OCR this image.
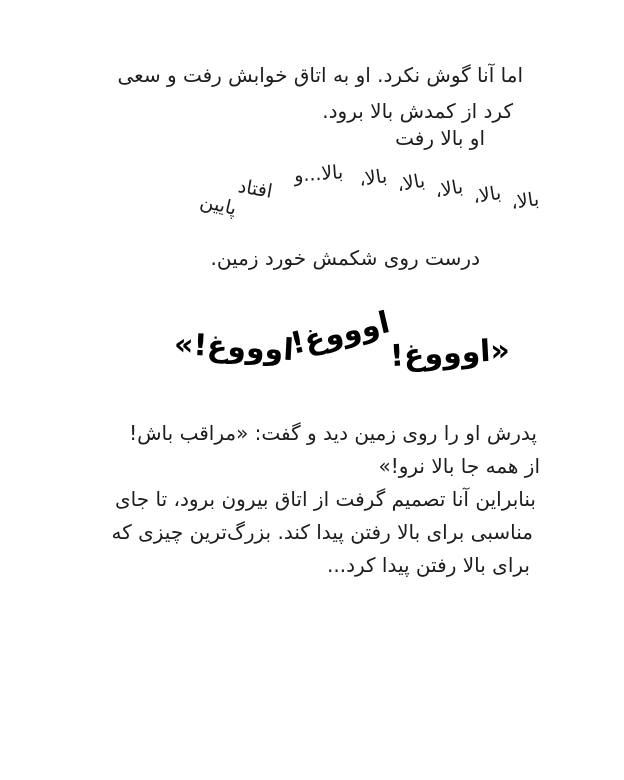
اما آنا گوش نکرد. او به اتاق خوابش رفت و سعی
کرد از کمدش بالا برود.
او بالا رفت
بالا،
بالا،
بالا،
بالا،
بالا،
بالا...و
افتاد
پایین
درست روی شکمش خورد زمین.
«اوووغ!
اوووغ!
اوووغ!»
پدرش او را روی زمین دید و گفت: «مراقب باش!
از همه جا بالا نرو!»
بنابراین آنا تصمیم گرفت از اتاق بیرون برود، تا جای
مناسبی برای بالا رفتن پیدا کند. بزرگ‌ترین چیزی که
برای بالا رفتن پیدا کرد...
